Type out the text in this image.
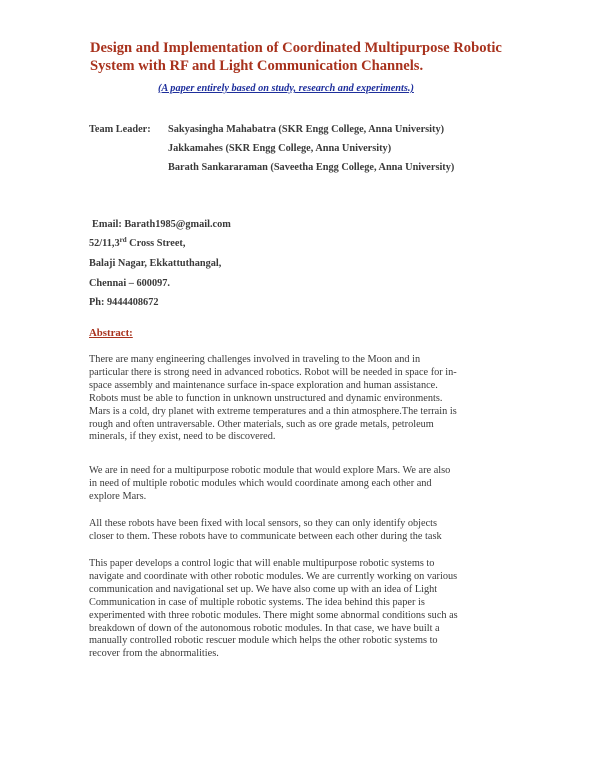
Design and Implementation of Coordinated Multipurpose Robotic System with RF and Light Communication Channels.
(A paper entirely based on study, research and experiments.)
Team Leader: Sakyasingha Mahabatra (SKR Engg College, Anna University)
Jakkamahes (SKR Engg College, Anna University)
Barath Sankararaman (Saveetha Engg College, Anna University)
Email: Barath1985@gmail.com
52/11,3rd Cross Street,
Balaji Nagar, Ekkattuthangal,
Chennai – 600097.
Ph: 9444408672
Abstract:
There are many engineering challenges involved in traveling to the Moon and in
particular there is strong need in advanced robotics. Robot will be needed in space for in-
space assembly and maintenance surface in-space exploration and human assistance.
Robots must be able to function in unknown unstructured and dynamic environments.
Mars is a cold, dry planet with extreme temperatures and a thin atmosphere.The terrain is
rough and often untraversable. Other materials, such as ore grade metals, petroleum
minerals, if they exist, need to be discovered.
We are in need for a multipurpose robotic module that would explore Mars. We are also
in need of multiple robotic modules which would coordinate among each other and
explore Mars.
All these robots have been fixed with local sensors, so they can only identify objects
closer to them. These robots have to communicate between each other during the task
This paper develops a control logic that will enable multipurpose robotic systems to
navigate and coordinate with other robotic modules. We are currently working on various
communication and navigational set up. We have also come up with an idea of Light
Communication in case of multiple robotic systems. The idea behind this paper is
experimented with three robotic modules. There might some abnormal conditions such as
breakdown of down of the autonomous robotic modules. In that case, we have built a
manually controlled robotic rescuer module which helps the other robotic systems to
recover from the abnormalities.
